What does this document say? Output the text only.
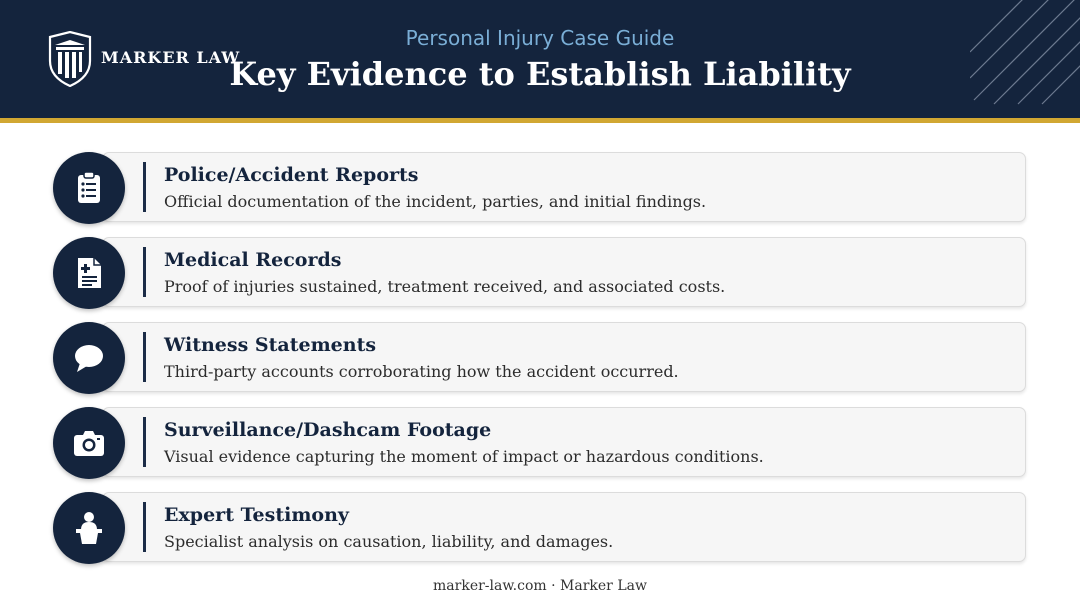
MARKER LAW
Personal Injury Case Guide
Key Evidence to Establish Liability
Police/Accident Reports
Official documentation of the incident, parties, and initial findings.
Medical Records
Proof of injuries sustained, treatment received, and associated costs.
Witness Statements
Third-party accounts corroborating how the accident occurred.
Surveillance/Dashcam Footage
Visual evidence capturing the moment of impact or hazardous conditions.
Expert Testimony
Specialist analysis on causation, liability, and damages.
marker-law.com · Marker Law
